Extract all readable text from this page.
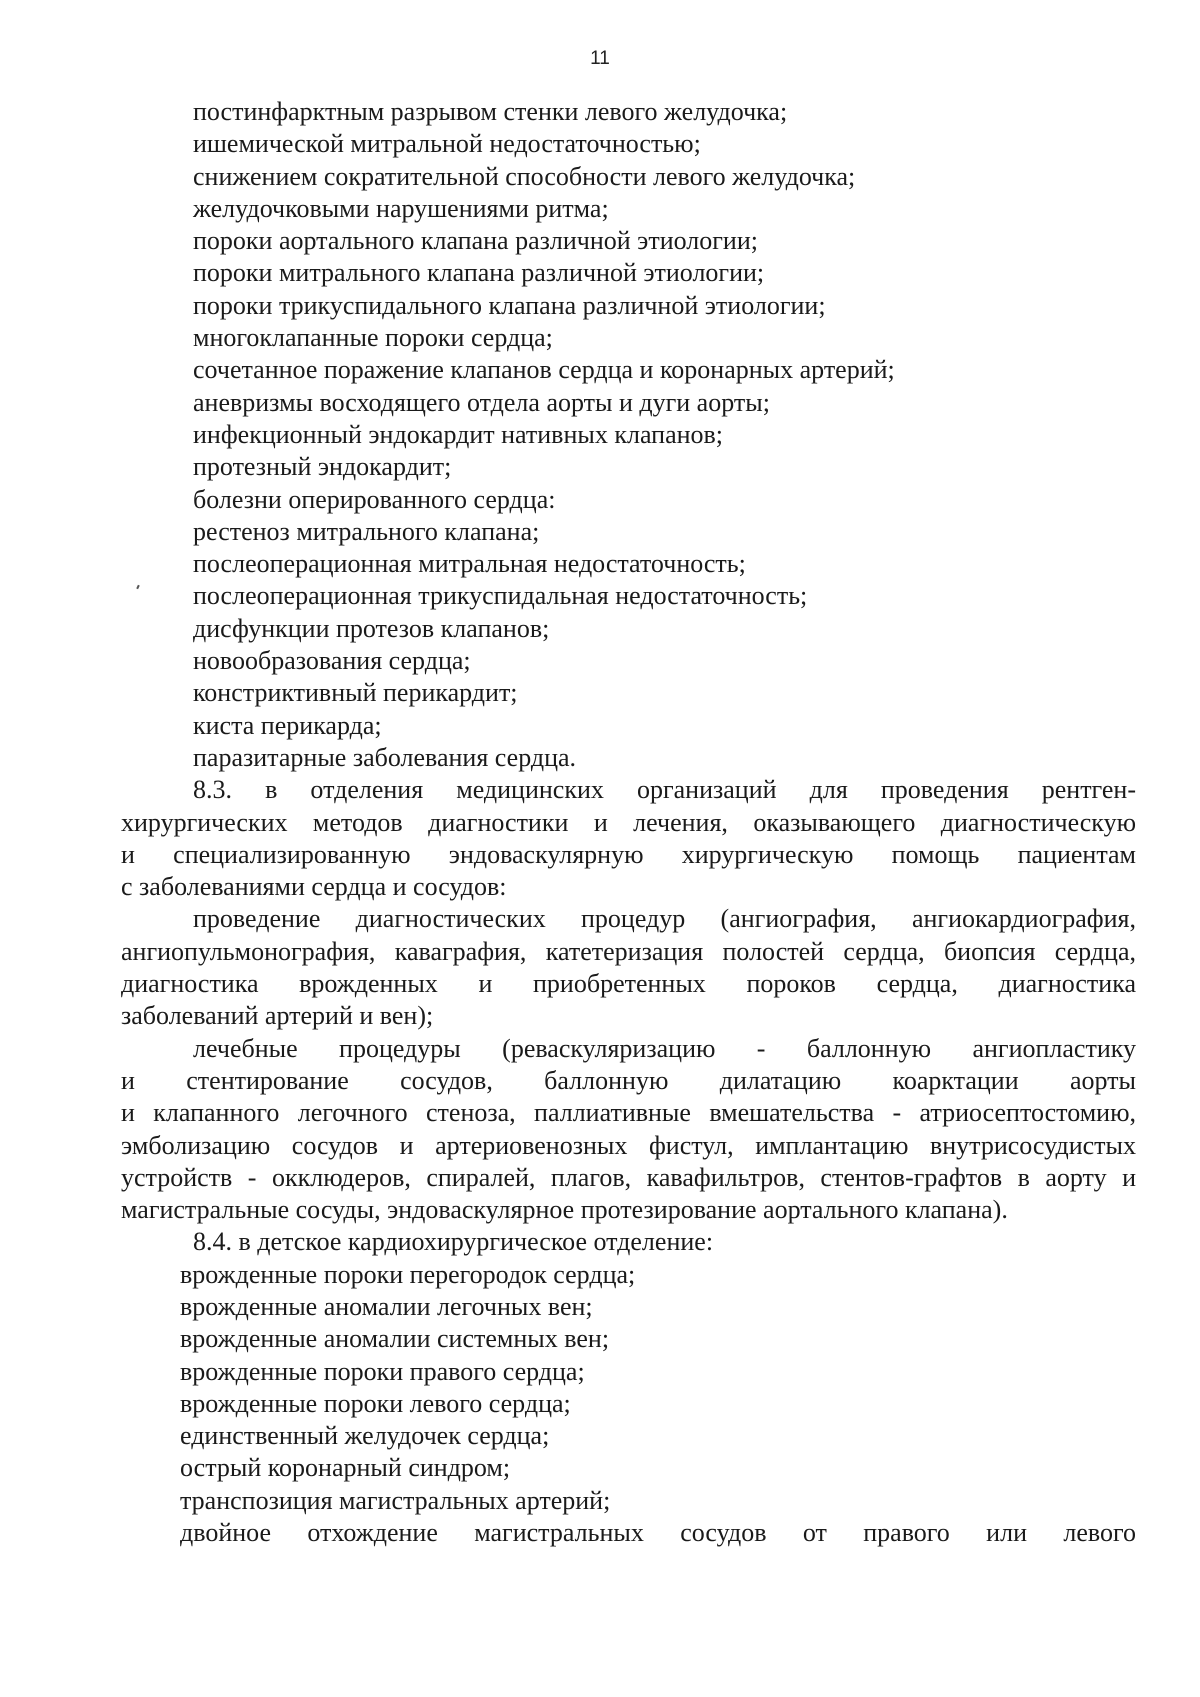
11
постинфарктным разрывом стенки левого желудочка;
ишемической митральной недостаточностью;
снижением сократительной способности левого желудочка;
желудочковыми нарушениями ритма;
пороки аортального клапана различной этиологии;
пороки митрального клапана различной этиологии;
пороки трикуспидального клапана различной этиологии;
многоклапанные пороки сердца;
сочетанное поражение клапанов сердца и коронарных артерий;
аневризмы восходящего отдела аорты и дуги аорты;
инфекционный эндокардит нативных клапанов;
протезный эндокардит;
болезни оперированного сердца:
рестеноз митрального клапана;
послеоперационная митральная недостаточность;
послеоперационная трикуспидальная недостаточность;
дисфункции протезов клапанов;
новообразования сердца;
констриктивный перикардит;
киста перикарда;
паразитарные заболевания сердца.
8.3. в отделения медицинских организаций для проведения рентген-
хирургических методов диагностики и лечения, оказывающего диагностическую
и специализированную эндоваскулярную хирургическую помощь пациентам
с заболеваниями сердца и сосудов:
проведение диагностических процедур (ангиография, ангиокардиография,
ангиопульмонография, каваграфия, катетеризация полостей сердца, биопсия сердца,
диагностика врожденных и приобретенных пороков сердца, диагностика
заболеваний артерий и вен);
лечебные процедуры (реваскуляризацию - баллонную ангиопластику
и стентирование сосудов, баллонную дилатацию коарктации аорты
и клапанного легочного стеноза, паллиативные вмешательства - атриосептостомию,
эмболизацию сосудов и артериовенозных фистул, имплантацию внутрисосудистых
устройств - окклюдеров, спиралей, плагов, кавафильтров, стентов-графтов в аорту и
магистральные сосуды, эндоваскулярное протезирование аортального клапана).
8.4. в детское кардиохирургическое отделение:
врожденные пороки перегородок сердца;
врожденные аномалии легочных вен;
врожденные аномалии системных вен;
врожденные пороки правого сердца;
врожденные пороки левого сердца;
единственный желудочек сердца;
острый коронарный синдром;
транспозиция магистральных артерий;
двойное отхождение магистральных сосудов от правого или левого
